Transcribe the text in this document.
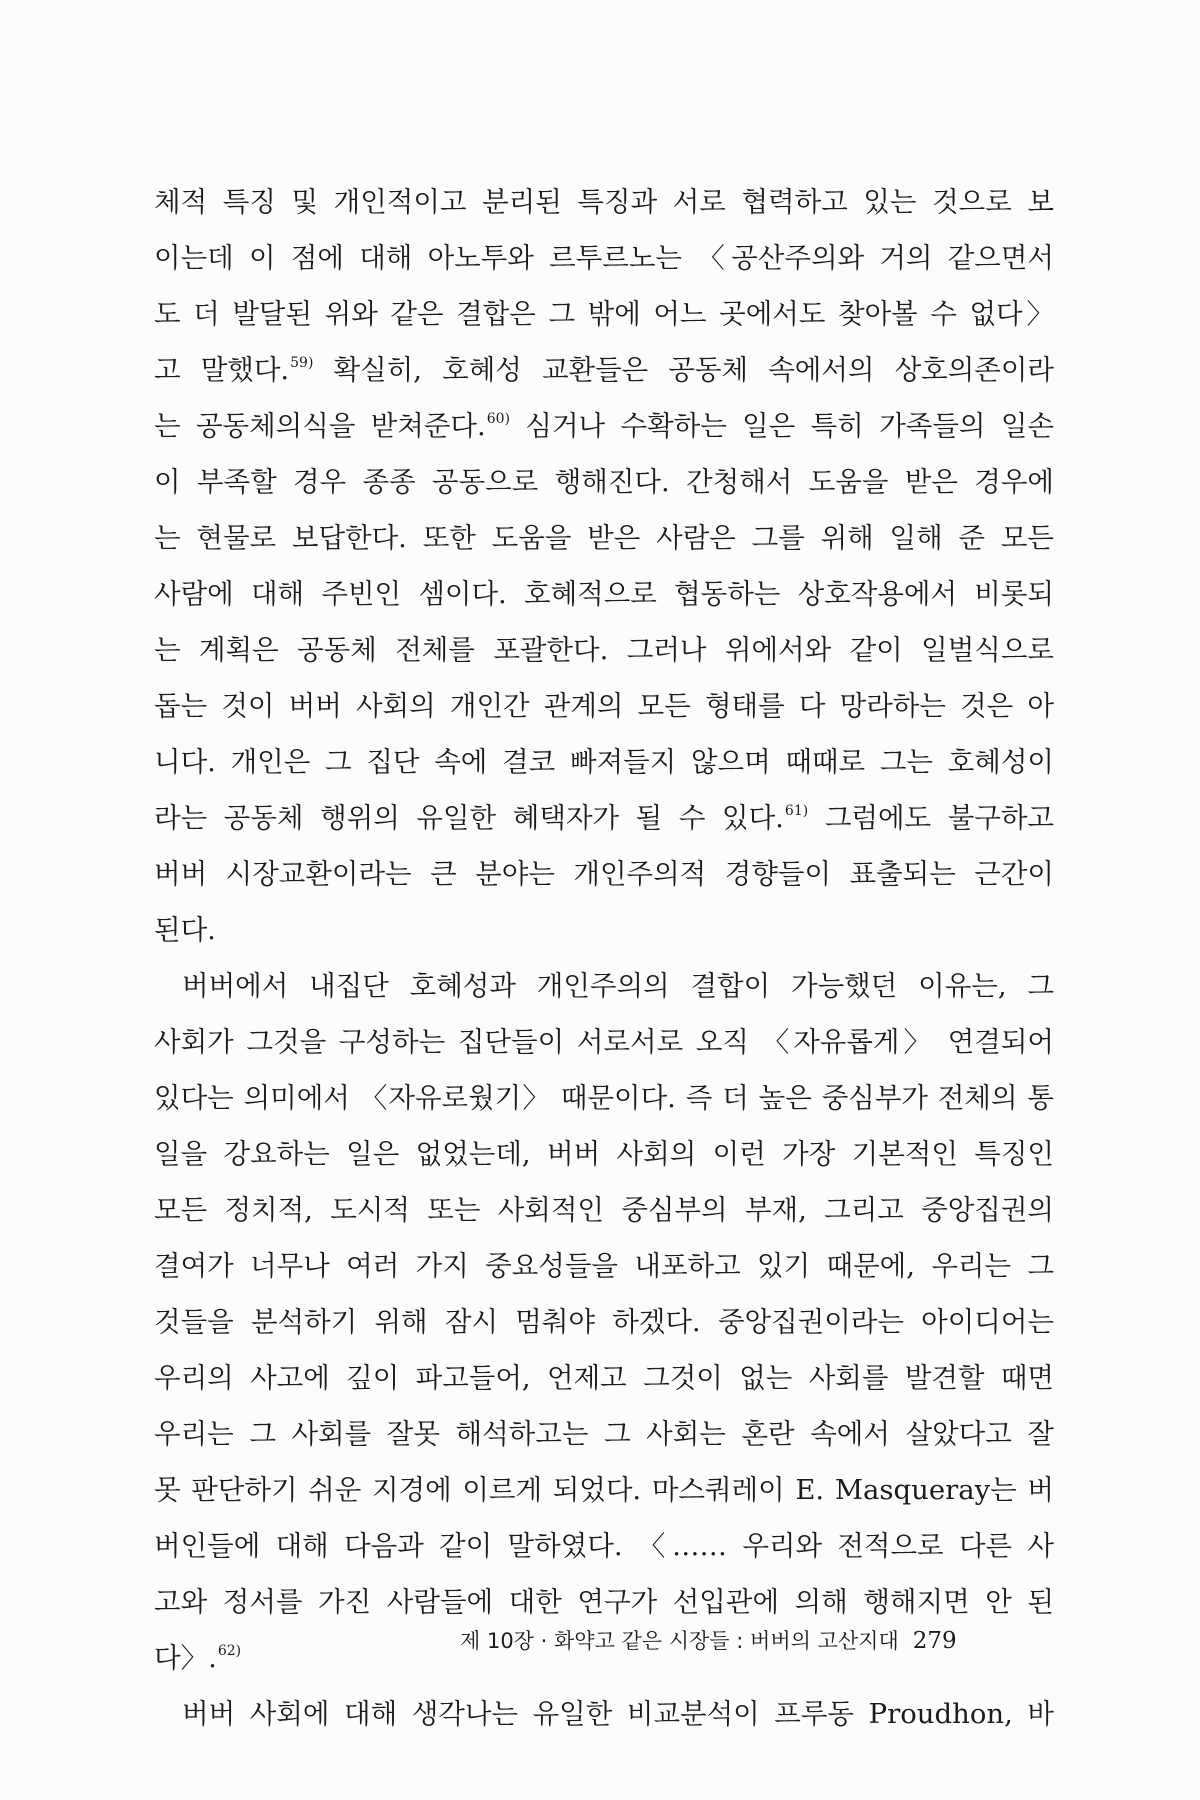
체적 특징 및 개인적이고 분리된 특징과 서로 협력하고 있는 것으로 보
이는데 이 점에 대해 아노투와 르투르노는 〈공산주의와 거의 같으면서
도 더 발달된 위와 같은 결합은 그 밖에 어느 곳에서도 찾아볼 수 없다〉
고 말했다.$^{59)}$ 확실히, 호혜성 교환들은 공동체 속에서의 상호의존이라
는 공동체의식을 받쳐준다.$^{60)}$ 심거나 수확하는 일은 특히 가족들의 일손
이 부족할 경우 종종 공동으로 행해진다. 간청해서 도움을 받은 경우에
는 현물로 보답한다. 또한 도움을 받은 사람은 그를 위해 일해 준 모든
사람에 대해 주빈인 셈이다. 호혜적으로 협동하는 상호작용에서 비롯되
는 계획은 공동체 전체를 포괄한다. 그러나 위에서와 같이 일벌식으로
돕는 것이 버버 사회의 개인간 관계의 모든 형태를 다 망라하는 것은 아
니다. 개인은 그 집단 속에 결코 빠져들지 않으며 때때로 그는 호혜성이
라는 공동체 행위의 유일한 혜택자가 될 수 있다.$^{61)}$ 그럼에도 불구하고
버버 시장교환이라는 큰 분야는 개인주의적 경향들이 표출되는 근간이
된다.
버버에서 내집단 호혜성과 개인주의의 결합이 가능했던 이유는, 그
사회가 그것을 구성하는 집단들이 서로서로 오직 〈자유롭게〉 연결되어
있다는 의미에서 〈자유로웠기〉 때문이다. 즉 더 높은 중심부가 전체의 통
일을 강요하는 일은 없었는데, 버버 사회의 이런 가장 기본적인 특징인
모든 정치적, 도시적 또는 사회적인 중심부의 부재, 그리고 중앙집권의
결여가 너무나 여러 가지 중요성들을 내포하고 있기 때문에, 우리는 그
것들을 분석하기 위해 잠시 멈춰야 하겠다. 중앙집권이라는 아이디어는
우리의 사고에 깊이 파고들어, 언제고 그것이 없는 사회를 발견할 때면
우리는 그 사회를 잘못 해석하고는 그 사회는 혼란 속에서 살았다고 잘
못 판단하기 쉬운 지경에 이르게 되었다. 마스쿼레이 E. Masqueray는 버
버인들에 대해 다음과 같이 말하였다. 〈…… 우리와 전적으로 다른 사
고와 정서를 가진 사람들에 대한 연구가 선입관에 의해 행해지면 안 된
다〉.$^{62)}$
버버 사회에 대해 생각나는 유일한 비교분석이 프루동 Proudhon, 바
제 10장 · 화약고 같은 시장들 : 버버의 고산지대 279
